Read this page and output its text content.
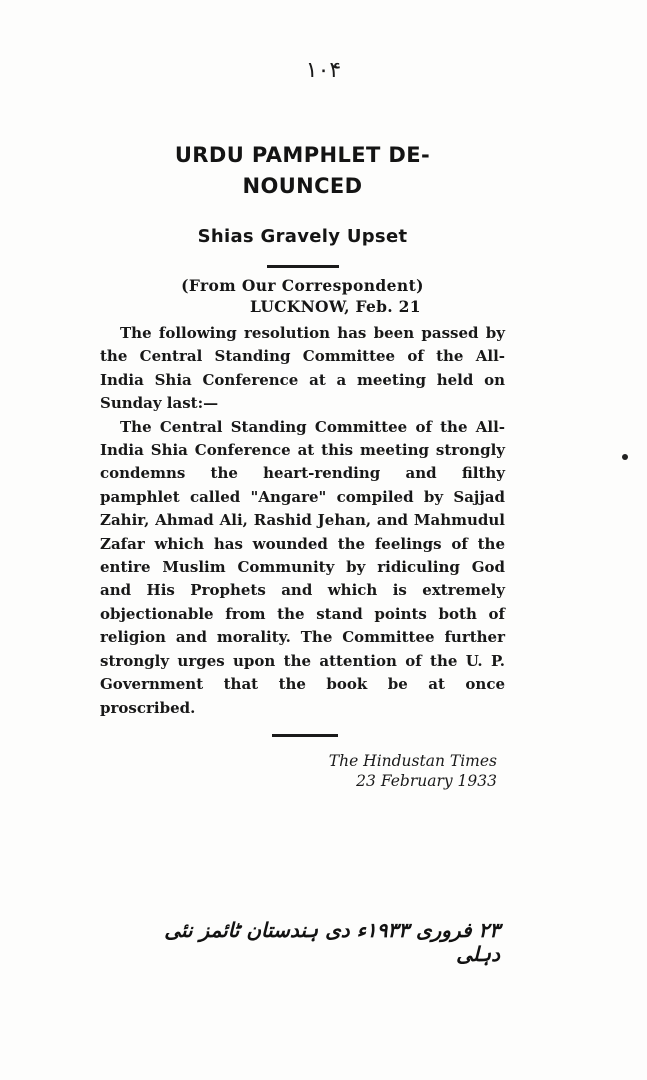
۱۰۴
URDU PAMPHLET DE-
NOUNCED
Shias Gravely Upset
(From Our Correspondent)
LUCKNOW, Feb. 21

The following resolution has been passed by the Central Standing Committee of the All-India Shia Conference at a meeting held on Sunday last:—

The Central Standing Committee of the All-India Shia Conference at this meeting strongly condemns the heart-rending and filthy pamphlet called "Angare" compiled by Sajjad Zahir, Ahmad Ali, Rashid Jehan, and Mahmudul Zafar which has wounded the feelings of the entire Muslim Community by ridiculing God and His Prophets and which is extremely objectionable from the stand points both of religion and morality. The Committee further strongly urges upon the attention of the U. P. Government that the book be at once proscribed.

The Hindustan Times
23 February 1933
۲۳ فروری ۱۹۳۳ء دی ہندستان ٹائمز نئی دہلی
